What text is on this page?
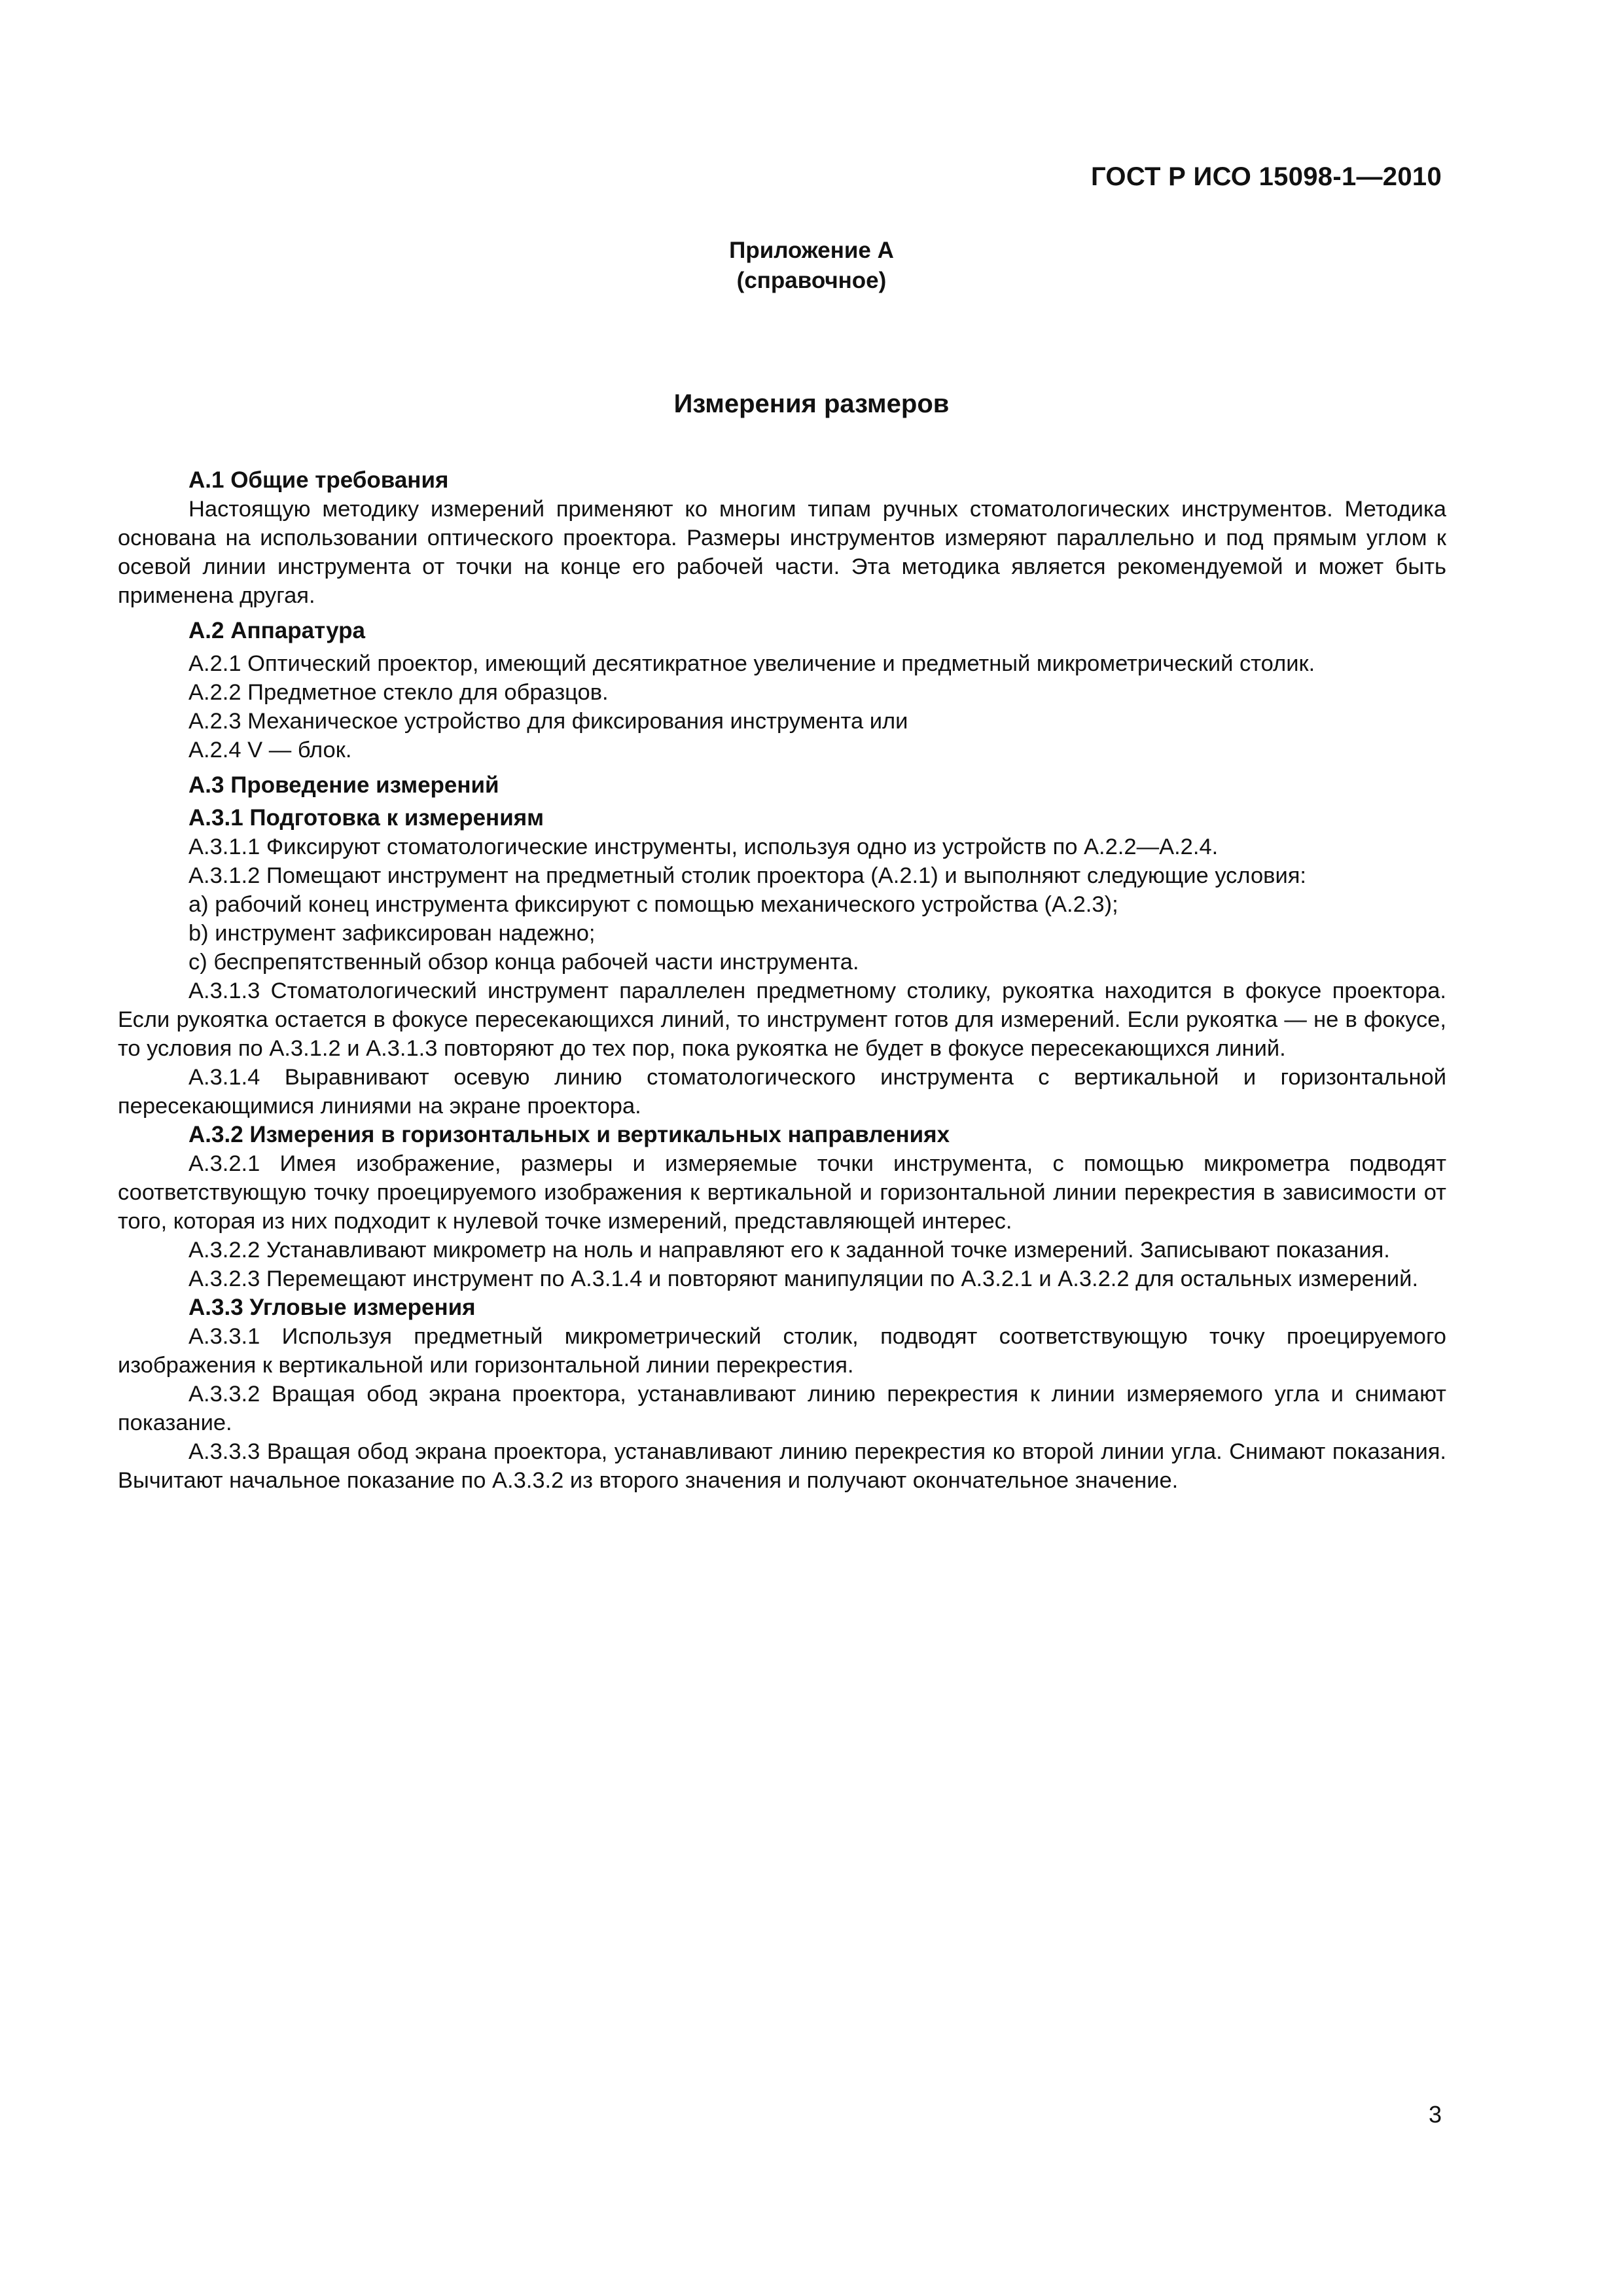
ГОСТ Р ИСО 15098-1—2010

Приложение А
(справочное)

Измерения размеров

А.1 Общие требования

Настоящую методику измерений применяют ко многим типам ручных стоматологических инструментов. Методика основана на использовании оптического проектора. Размеры инструментов измеряют параллельно и под прямым углом к осевой линии инструмента от точки на конце его рабочей части. Эта методика является рекомендуемой и может быть применена другая.

А.2 Аппаратура

А.2.1 Оптический проектор, имеющий десятикратное увеличение и предметный микрометрический столик.

А.2.2 Предметное стекло для образцов.

А.2.3 Механическое устройство для фиксирования инструмента или

А.2.4 V — блок.

А.3 Проведение измерений

А.3.1 Подготовка к измерениям

А.3.1.1 Фиксируют стоматологические инструменты, используя одно из устройств по А.2.2—А.2.4.

А.3.1.2 Помещают инструмент на предметный столик проектора (А.2.1) и выполняют следующие условия:

а) рабочий конец инструмента фиксируют с помощью механического устройства (А.2.3);

b) инструмент зафиксирован надежно;

с) беспрепятственный обзор конца рабочей части инструмента.

А.3.1.3 Стоматологический инструмент параллелен предметному столику, рукоятка находится в фокусе проектора. Если рукоятка остается в фокусе пересекающихся линий, то инструмент готов для измерений. Если рукоятка — не в фокусе, то условия по А.3.1.2 и А.3.1.3 повторяют до тех пор, пока рукоятка не будет в фокусе пересекающихся линий.

А.3.1.4 Выравнивают осевую линию стоматологического инструмента с вертикальной и горизонтальной пересекающимися линиями на экране проектора.

А.3.2 Измерения в горизонтальных и вертикальных направлениях

А.3.2.1 Имея изображение, размеры и измеряемые точки инструмента, с помощью микрометра подводят соответствующую точку проецируемого изображения к вертикальной и горизонтальной линии перекрестия в зависимости от того, которая из них подходит к нулевой точке измерений, представляющей интерес.

А.3.2.2 Устанавливают микрометр на ноль и направляют его к заданной точке измерений. Записывают показания.

А.3.2.3 Перемещают инструмент по А.3.1.4 и повторяют манипуляции по А.3.2.1 и А.3.2.2 для остальных измерений.

А.3.3 Угловые измерения

А.3.3.1 Используя предметный микрометрический столик, подводят соответствующую точку проецируемого изображения к вертикальной или горизонтальной линии перекрестия.

А.3.3.2 Вращая обод экрана проектора, устанавливают линию перекрестия к линии измеряемого угла и снимают показание.

А.3.3.3 Вращая обод экрана проектора, устанавливают линию перекрестия ко второй линии угла. Снимают показания. Вычитают начальное показание по А.3.3.2 из второго значения и получают окончательное значение.

3
